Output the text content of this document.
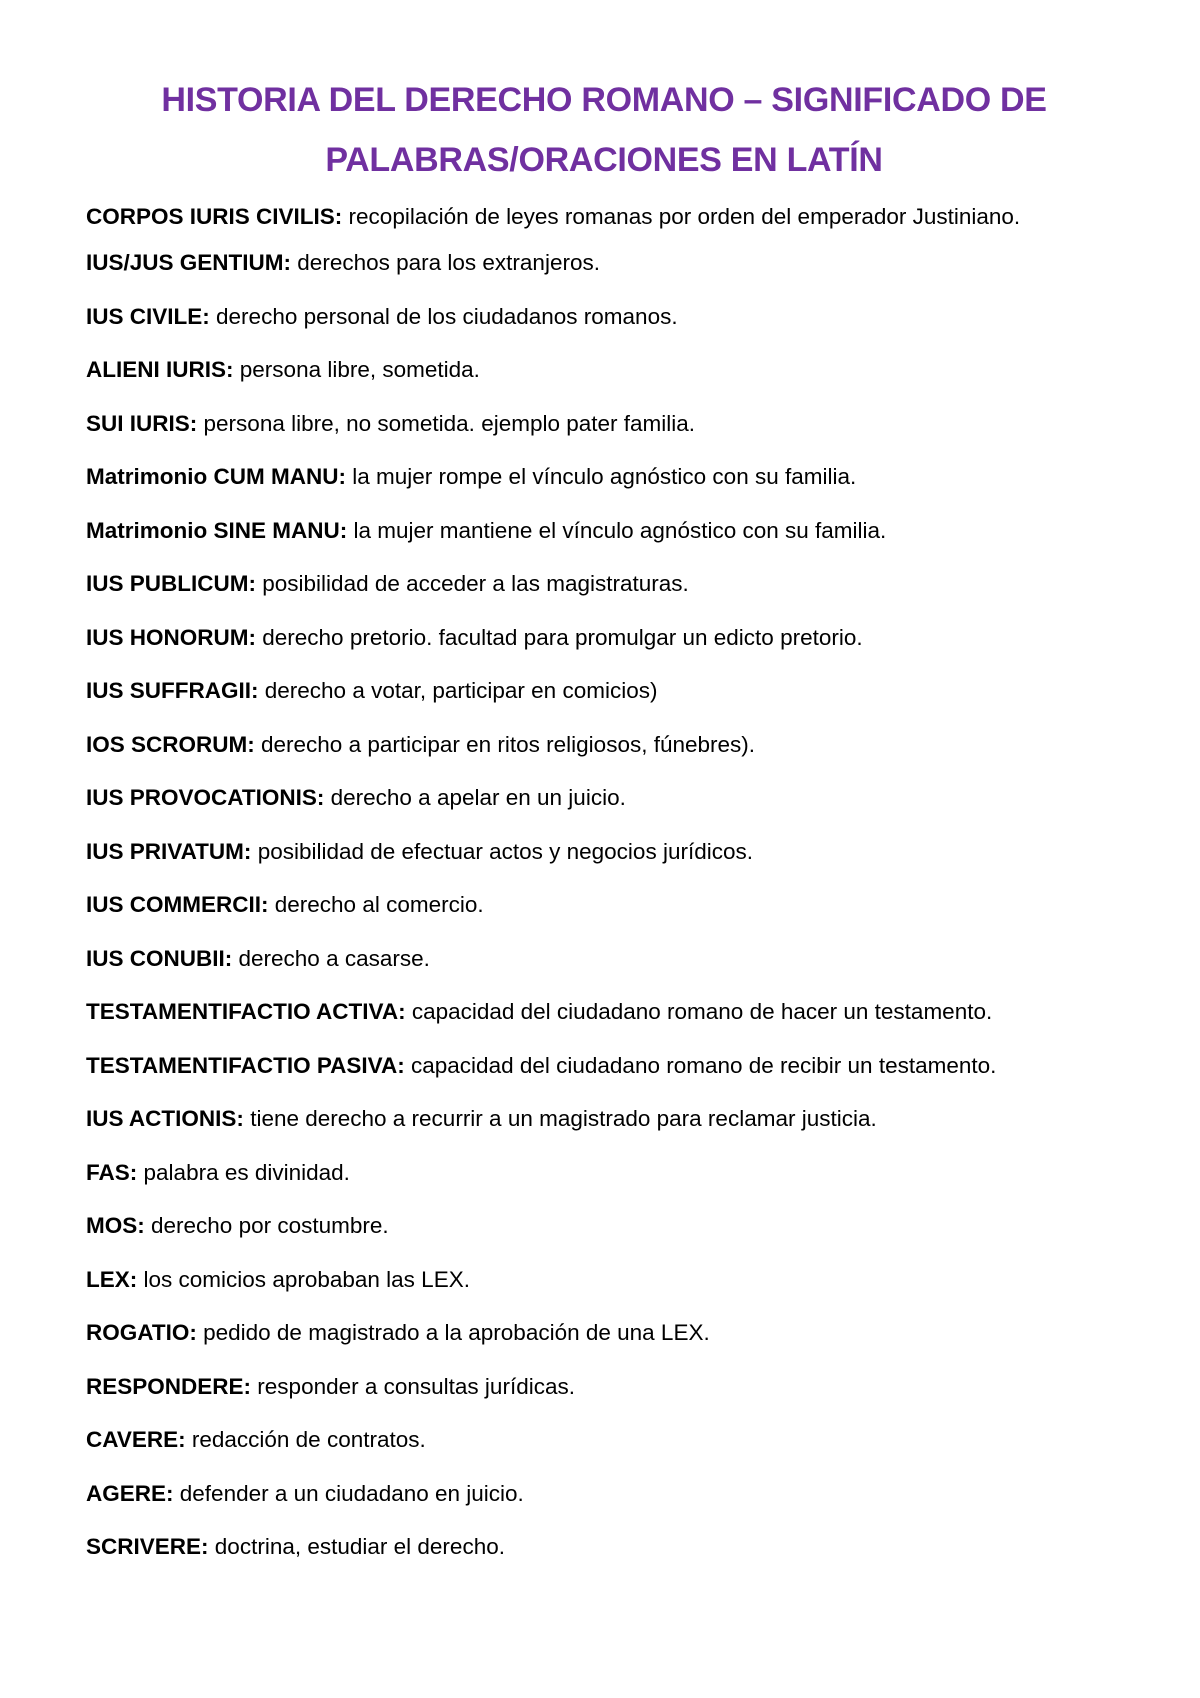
HISTORIA DEL DERECHO ROMANO – SIGNIFICADO DE
PALABRAS/ORACIONES EN LATÍN

CORPOS IURIS CIVILIS: recopilación de leyes romanas por orden del emperador Justiniano.

IUS/JUS GENTIUM: derechos para los extranjeros.

IUS CIVILE: derecho personal de los ciudadanos romanos.

ALIENI IURIS: persona libre, sometida.

SUI IURIS: persona libre, no sometida. ejemplo pater familia.

Matrimonio CUM MANU: la mujer rompe el vínculo agnóstico con su familia.

Matrimonio SINE MANU: la mujer mantiene el vínculo agnóstico con su familia.

IUS PUBLICUM: posibilidad de acceder a las magistraturas.

IUS HONORUM: derecho pretorio. facultad para promulgar un edicto pretorio.

IUS SUFFRAGII: derecho a votar, participar en comicios)

IOS SCRORUM: derecho a participar en ritos religiosos, fúnebres).

IUS PROVOCATIONIS: derecho a apelar en un juicio.

IUS PRIVATUM: posibilidad de efectuar actos y negocios jurídicos.

IUS COMMERCII: derecho al comercio.

IUS CONUBII: derecho a casarse.

TESTAMENTIFACTIO ACTIVA: capacidad del ciudadano romano de hacer un testamento.

TESTAMENTIFACTIO PASIVA: capacidad del ciudadano romano de recibir un testamento.

IUS ACTIONIS: tiene derecho a recurrir a un magistrado para reclamar justicia.

FAS: palabra es divinidad.

MOS: derecho por costumbre.

LEX: los comicios aprobaban las LEX.

ROGATIO: pedido de magistrado a la aprobación de una LEX.

RESPONDERE: responder a consultas jurídicas.

CAVERE: redacción de contratos.

AGERE: defender a un ciudadano en juicio.

SCRIVERE: doctrina, estudiar el derecho.
